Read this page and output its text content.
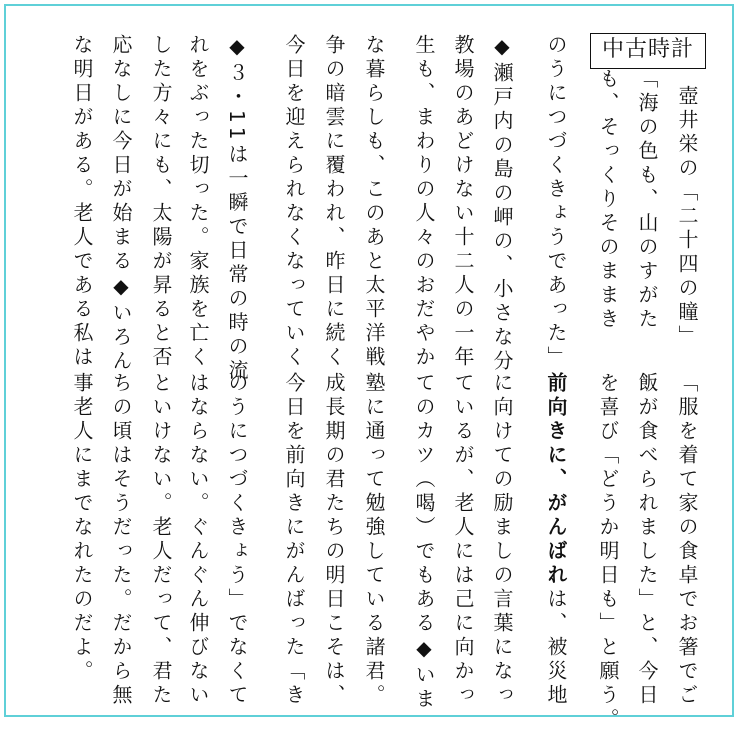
中古時計
壺井栄の「二十四の瞳」
「海の色も、山のすがた
も、そっくりそのままき
のうにつづくきょうであった」
◆瀬戸内の島の岬の、小さな分
教場のあどけない十二人の一年
生も、まわりの人々のおだやか
な暮らしも、このあと太平洋戦
争の暗雲に覆われ、昨日に続く
今日を迎えられなくなっていく
◆３・11は一瞬で日常の時の流
れをぶった切った。家族を亡く
した方々にも、太陽が昇ると否
応なしに今日が始まる◆いろん
な明日がある。老人である私は
「服を着て家の食卓でお箸でご
飯が食べられました」と、今日
を喜び「どうか明日も」と願う。
前向きに、がんばれは、被災地
に向けての励ましの言葉になっ
ているが、老人には己に向かっ
てのカツ（喝）でもある◆いま
塾に通って勉強している諸君。
成長期の君たちの明日こそは、
今日を前向きにがんばった「き
のうにつづくきょう」でなくて
はならない。ぐんぐん伸びない
といけない。老人だって、君た
ちの頃はそうだった。だから無
事老人にまでなれたのだよ。
